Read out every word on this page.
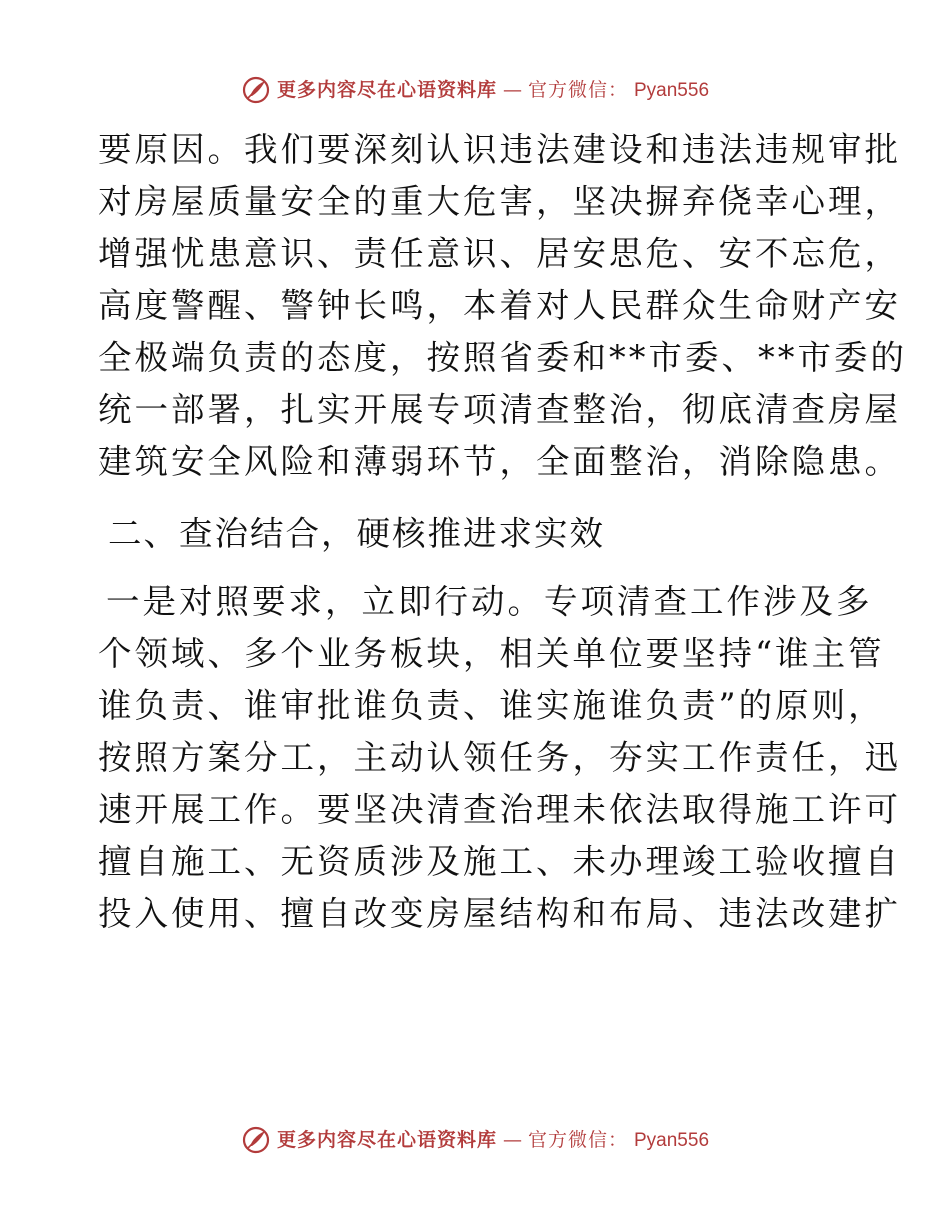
更多内容尽在心语资料库 — 官方微信： Pyan556
要原因。我们要深刻认识违法建设和违法违规审批
对房屋质量安全的重大危害，坚决摒弃侥幸心理，
增强忧患意识、责任意识、居安思危、安不忘危，
高度警醒、警钟长鸣，本着对人民群众生命财产安
全极端负责的态度，按照省委和**市委、**市委的
统一部署，扎实开展专项清查整治，彻底清查房屋
建筑安全风险和薄弱环节，全面整治，消除隐患。
二、查治结合，硬核推进求实效
一是对照要求，立即行动。专项清查工作涉及多
个领域、多个业务板块，相关单位要坚持“谁主管
谁负责、谁审批谁负责、谁实施谁负责”的原则，
按照方案分工，主动认领任务，夯实工作责任，迅
速开展工作。要坚决清查治理未依法取得施工许可
擅自施工、无资质涉及施工、未办理竣工验收擅自
投入使用、擅自改变房屋结构和布局、违法改建扩
更多内容尽在心语资料库 — 官方微信： Pyan556
